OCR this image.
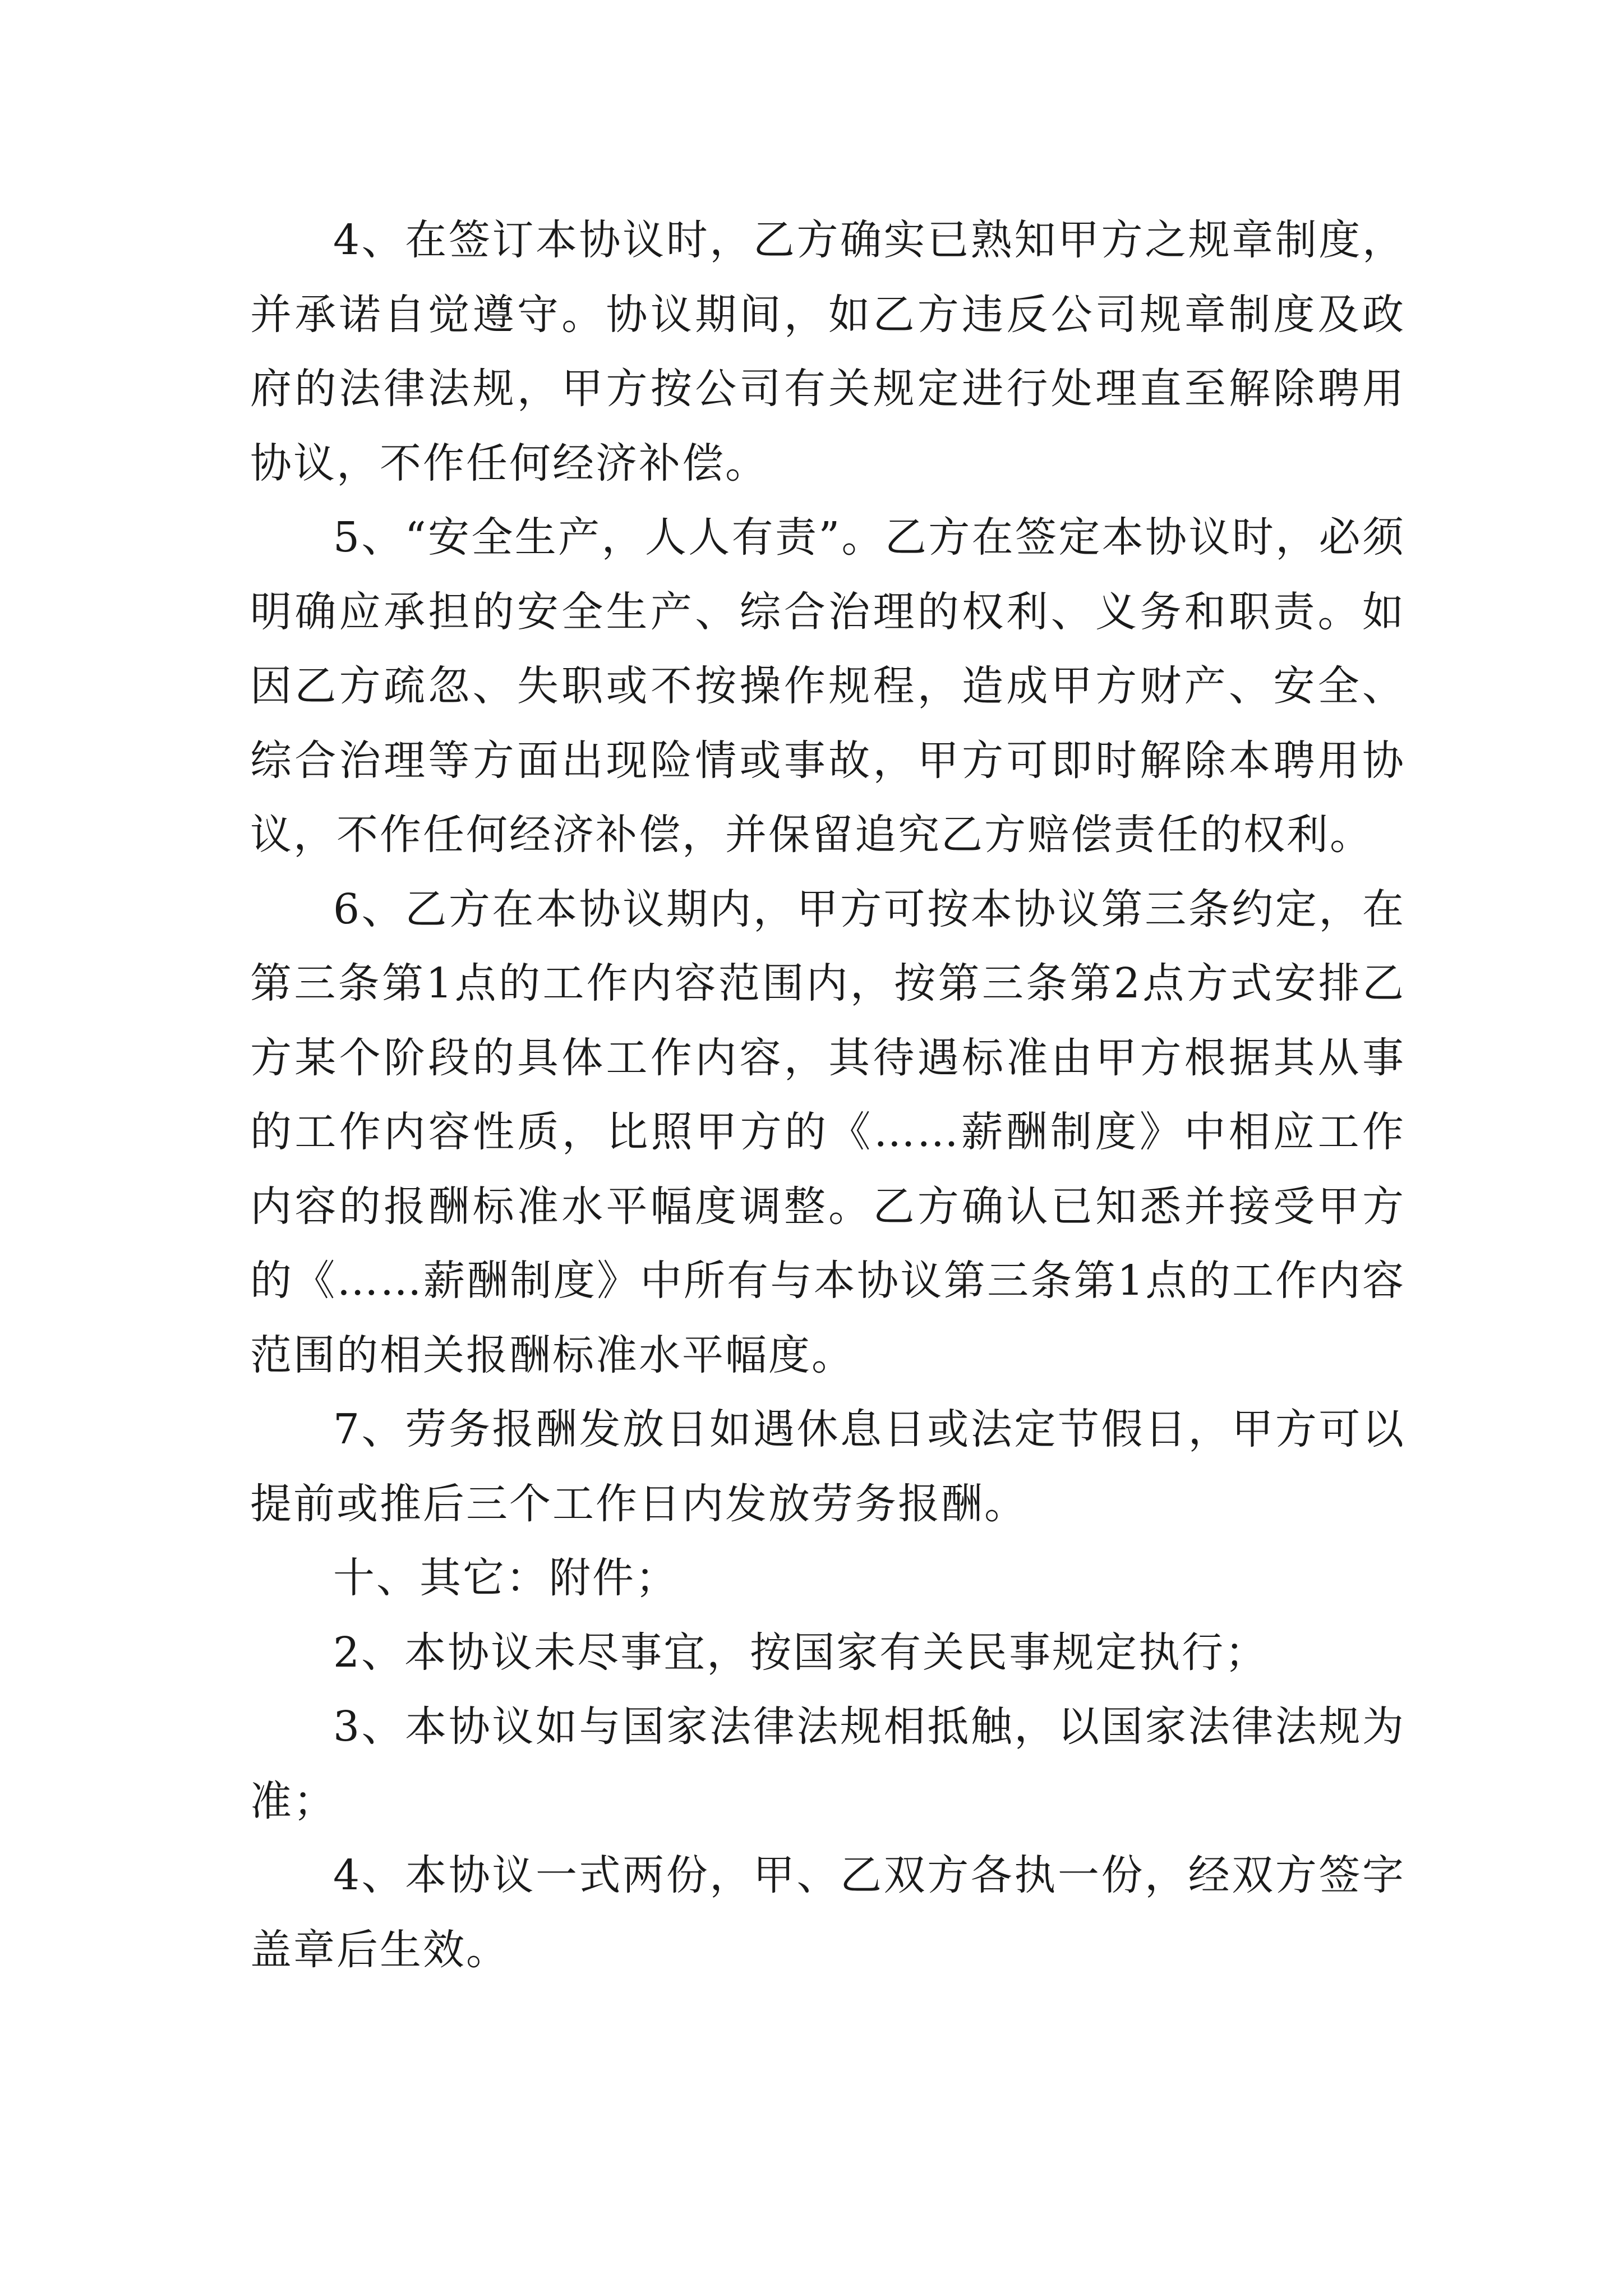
4、在签订本协议时，乙方确实已熟知甲方之规章制度，并承诺自觉遵守。协议期间，如乙方违反公司规章制度及政府的法律法规，甲方按公司有关规定进行处理直至解除聘用协议，不作任何经济补偿。

5、“安全生产，人人有责”。乙方在签定本协议时，必须明确应承担的安全生产、综合治理的权利、义务和职责。如因乙方疏忽、失职或不按操作规程，造成甲方财产、安全、综合治理等方面出现险情或事故，甲方可即时解除本聘用协议，不作任何经济补偿，并保留追究乙方赔偿责任的权利。

6、乙方在本协议期内，甲方可按本协议第三条约定，在第三条第1点的工作内容范围内，按第三条第2点方式安排乙方某个阶段的具体工作内容，其待遇标准由甲方根据其从事的工作内容性质，比照甲方的《……薪酬制度》中相应工作内容的报酬标准水平幅度调整。乙方确认已知悉并接受甲方的《……薪酬制度》中所有与本协议第三条第1点的工作内容范围的相关报酬标准水平幅度。

7、劳务报酬发放日如遇休息日或法定节假日，甲方可以提前或推后三个工作日内发放劳务报酬。

十、其它：附件；

2、本协议未尽事宜，按国家有关民事规定执行；

3、本协议如与国家法律法规相抵触，以国家法律法规为准；

4、本协议一式两份，甲、乙双方各执一份，经双方签字盖章后生效。
